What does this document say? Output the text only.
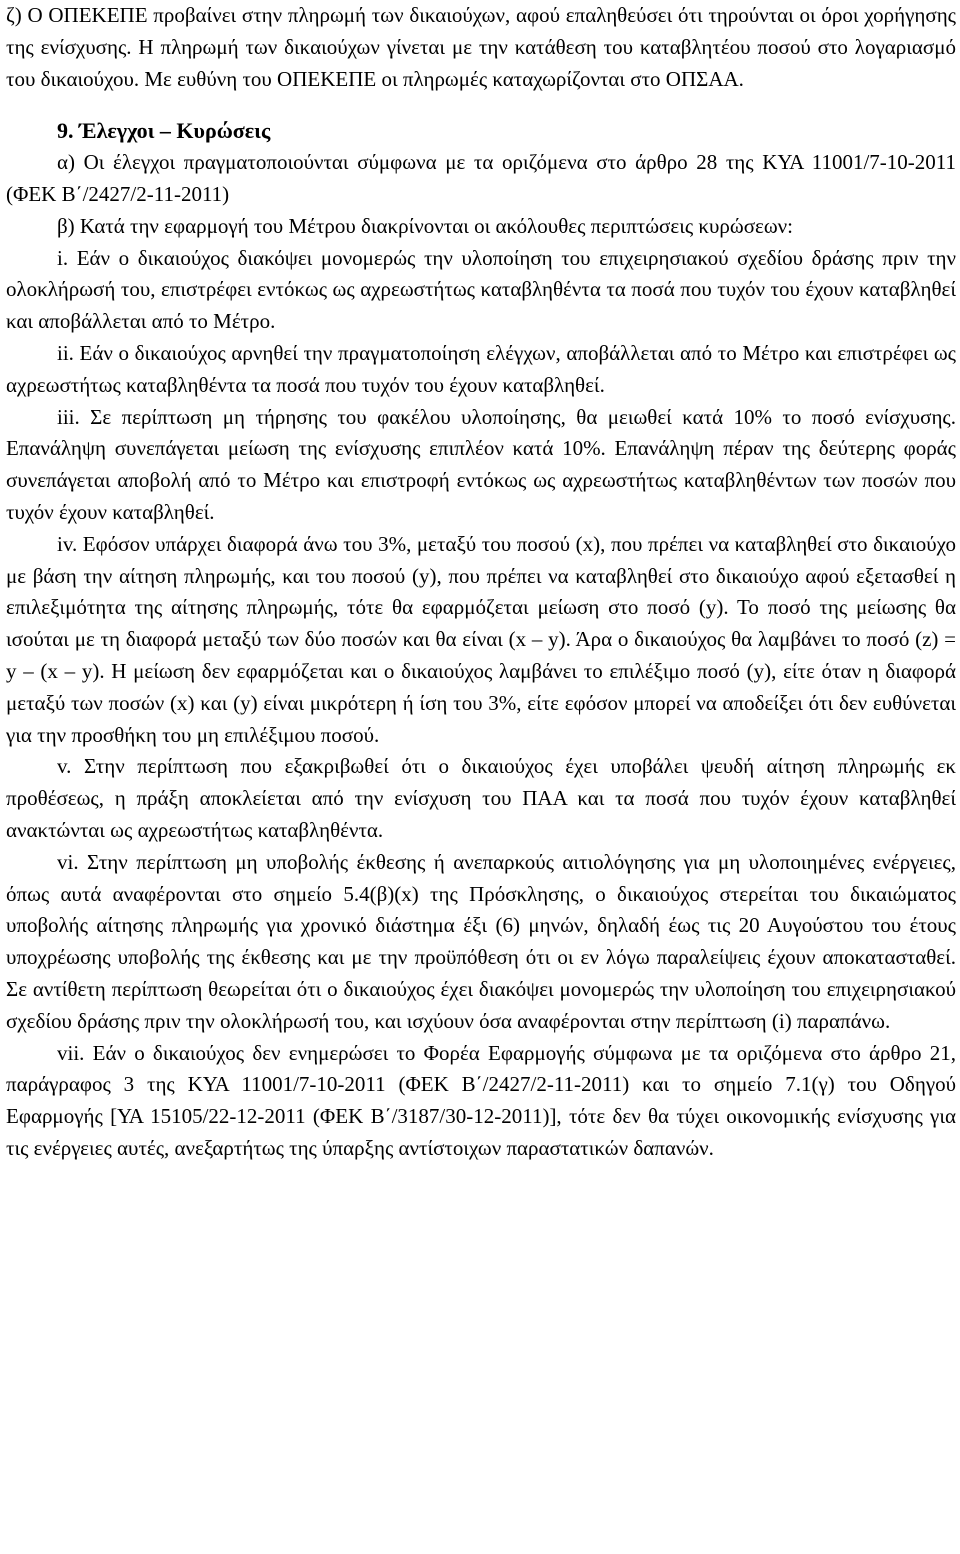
ζ) Ο ΟΠΕΚΕΠΕ προβαίνει στην πληρωμή των δικαιούχων, αφού επαληθεύσει ότι τηρούνται οι όροι χορήγησης της ενίσχυσης. Η πληρωμή των δικαιούχων γίνεται με την κατάθεση του καταβλητέου ποσού στο λογαριασμό του δικαιούχου. Με ευθύνη του ΟΠΕΚΕΠΕ οι πληρωμές καταχωρίζονται στο ΟΠΣΑΑ.

9. Έλεγχοι – Κυρώσεις

α) Οι έλεγχοι πραγματοποιούνται σύμφωνα με τα οριζόμενα στο άρθρο 28 της ΚΥΑ 11001/7-10-2011 (ΦΕΚ Β΄/2427/2-11-2011)

β) Κατά την εφαρμογή του Μέτρου διακρίνονται οι ακόλουθες περιπτώσεις κυρώσεων:

i. Εάν ο δικαιούχος διακόψει μονομερώς την υλοποίηση του επιχειρησιακού σχεδίου δράσης πριν την ολοκλήρωσή του, επιστρέφει εντόκως ως αχρεωστήτως καταβληθέντα τα ποσά που τυχόν του έχουν καταβληθεί και αποβάλλεται από το Μέτρο.

ii. Εάν ο δικαιούχος αρνηθεί την πραγματοποίηση ελέγχων, αποβάλλεται από το Μέτρο και επιστρέφει ως αχρεωστήτως καταβληθέντα τα ποσά που τυχόν του έχουν καταβληθεί.

iii. Σε περίπτωση μη τήρησης του φακέλου υλοποίησης, θα μειωθεί κατά 10% το ποσό ενίσχυσης. Επανάληψη συνεπάγεται μείωση της ενίσχυσης επιπλέον κατά 10%. Επανάληψη πέραν της δεύτερης φοράς συνεπάγεται αποβολή από το Μέτρο και επιστροφή εντόκως ως αχρεωστήτως καταβληθέντων των ποσών που τυχόν έχουν καταβληθεί.

iv. Εφόσον υπάρχει διαφορά άνω του 3%, μεταξύ του ποσού (x), που πρέπει να καταβληθεί στο δικαιούχο με βάση την αίτηση πληρωμής, και του ποσού (y), που πρέπει να καταβληθεί στο δικαιούχο αφού εξετασθεί η επιλεξιμότητα της αίτησης πληρωμής, τότε θα εφαρμόζεται μείωση στο ποσό (y). Το ποσό της μείωσης θα ισούται με τη διαφορά μεταξύ των δύο ποσών και θα είναι (x – y). Άρα ο δικαιούχος θα λαμβάνει το ποσό (z) = y – (x – y). Η μείωση δεν εφαρμόζεται και ο δικαιούχος λαμβάνει το επιλέξιμο ποσό (y), είτε όταν η διαφορά μεταξύ των ποσών (x) και (y) είναι μικρότερη ή ίση του 3%, είτε εφόσον μπορεί να αποδείξει ότι δεν ευθύνεται για την προσθήκη του μη επιλέξιμου ποσού.

v. Στην περίπτωση που εξακριβωθεί ότι ο δικαιούχος έχει υποβάλει ψευδή αίτηση πληρωμής εκ προθέσεως, η πράξη αποκλείεται από την ενίσχυση του ΠΑΑ και τα ποσά που τυχόν έχουν καταβληθεί ανακτώνται ως αχρεωστήτως καταβληθέντα.

vi. Στην περίπτωση μη υποβολής έκθεσης ή ανεπαρκούς αιτιολόγησης για μη υλοποιημένες ενέργειες, όπως αυτά αναφέρονται στο σημείο 5.4(β)(x) της Πρόσκλησης, ο δικαιούχος στερείται του δικαιώματος υποβολής αίτησης πληρωμής για χρονικό διάστημα έξι (6) μηνών, δηλαδή έως τις 20 Αυγούστου του έτους υποχρέωσης υποβολής της έκθεσης και με την προϋπόθεση ότι οι εν λόγω παραλείψεις έχουν αποκατασταθεί. Σε αντίθετη περίπτωση θεωρείται ότι ο δικαιούχος έχει διακόψει μονομερώς την υλοποίηση του επιχειρησιακού σχεδίου δράσης πριν την ολοκλήρωσή του, και ισχύουν όσα αναφέρονται στην περίπτωση (i) παραπάνω.

vii. Εάν ο δικαιούχος δεν ενημερώσει το Φορέα Εφαρμογής σύμφωνα με τα οριζόμενα στο άρθρο 21, παράγραφος 3 της ΚΥΑ 11001/7-10-2011 (ΦΕΚ Β΄/2427/2-11-2011) και το σημείο 7.1(γ) του Οδηγού Εφαρμογής [ΥΑ 15105/22-12-2011 (ΦΕΚ Β΄/3187/30-12-2011)], τότε δεν θα τύχει οικονομικής ενίσχυσης για τις ενέργειες αυτές, ανεξαρτήτως της ύπαρξης αντίστοιχων παραστατικών δαπανών.
